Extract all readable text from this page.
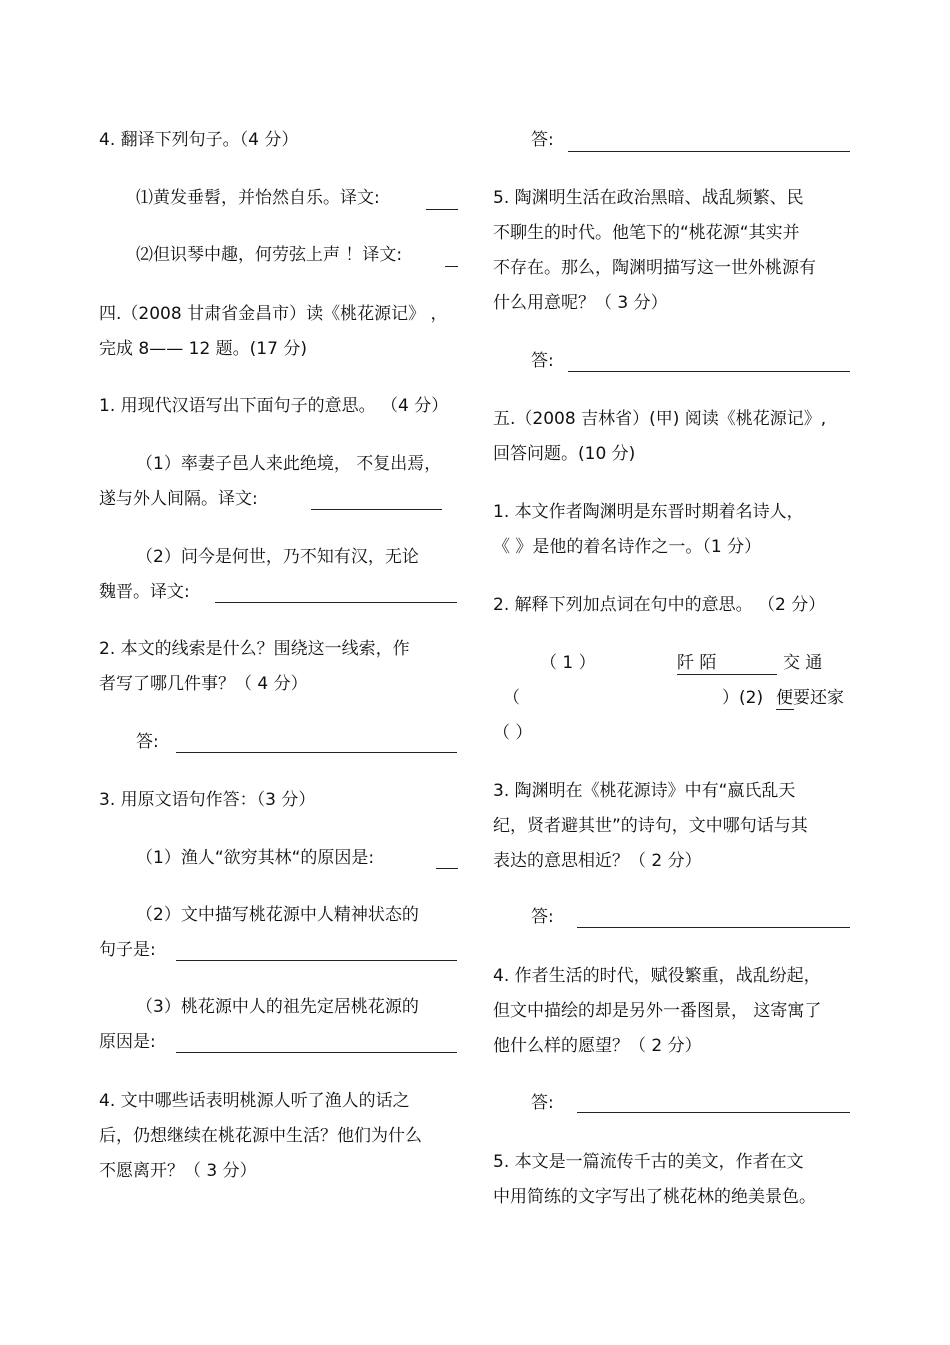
4. 翻译下列句子。（4 分）
⑴黄发垂髫，并怡然自乐。译文:
⑵但识琴中趣，何劳弦上声 ！译文:
四.（2008 甘肃省金昌市）读《桃花源记》 ，
完成 8—— 12 题。(17 分)
1. 用现代汉语写出下面句子的意思。 （4 分）
（1）率妻子邑人来此绝境， 不复出焉，
遂与外人间隔。译文:
（2）问今是何世，乃不知有汉，无论
魏晋。译文:
2. 本文的线索是什么？围绕这一线索，作
者写了哪几件事？（ 4 分）
答:
3. 用原文语句作答：（3 分）
（1）渔人“欲穷其林“的原因是:
（2）文中描写桃花源中人精神状态的
句子是:
（3）桃花源中人的祖先定居桃花源的
原因是:
4. 文中哪些话表明桃源人听了渔人的话之
后，仍想继续在桃花源中生活？他们为什么
不愿离开？（ 3 分）
答:
5. 陶渊明生活在政治黑暗、战乱频繁、民
不聊生的时代。他笔下的“桃花源“其实并
不存在。那么，陶渊明描写这一世外桃源有
什么用意呢？（ 3 分）
答:
五.（2008 吉林省）(甲) 阅读《桃花源记》,
回答问题。(10 分)
1. 本文作者陶渊明是东晋时期着名诗人，
《 》是他的着名诗作之一。（1 分）
2. 解释下列加点词在句中的意思。 （2 分）
（ 1 ）	阡 陌	交 通
（	）(2) 便要还家
（ ）
3. 陶渊明在《桃花源诗》中有“嬴氏乱天
纪，贤者避其世”的诗句，文中哪句话与其
表达的意思相近？（ 2 分）
答:
4. 作者生活的时代，赋役繁重，战乱纷起，
但文中描绘的却是另外一番图景， 这寄寓了
他什么样的愿望？（ 2 分）
答:
5. 本文是一篇流传千古的美文，作者在文
中用简练的文字写出了桃花林的绝美景色。
